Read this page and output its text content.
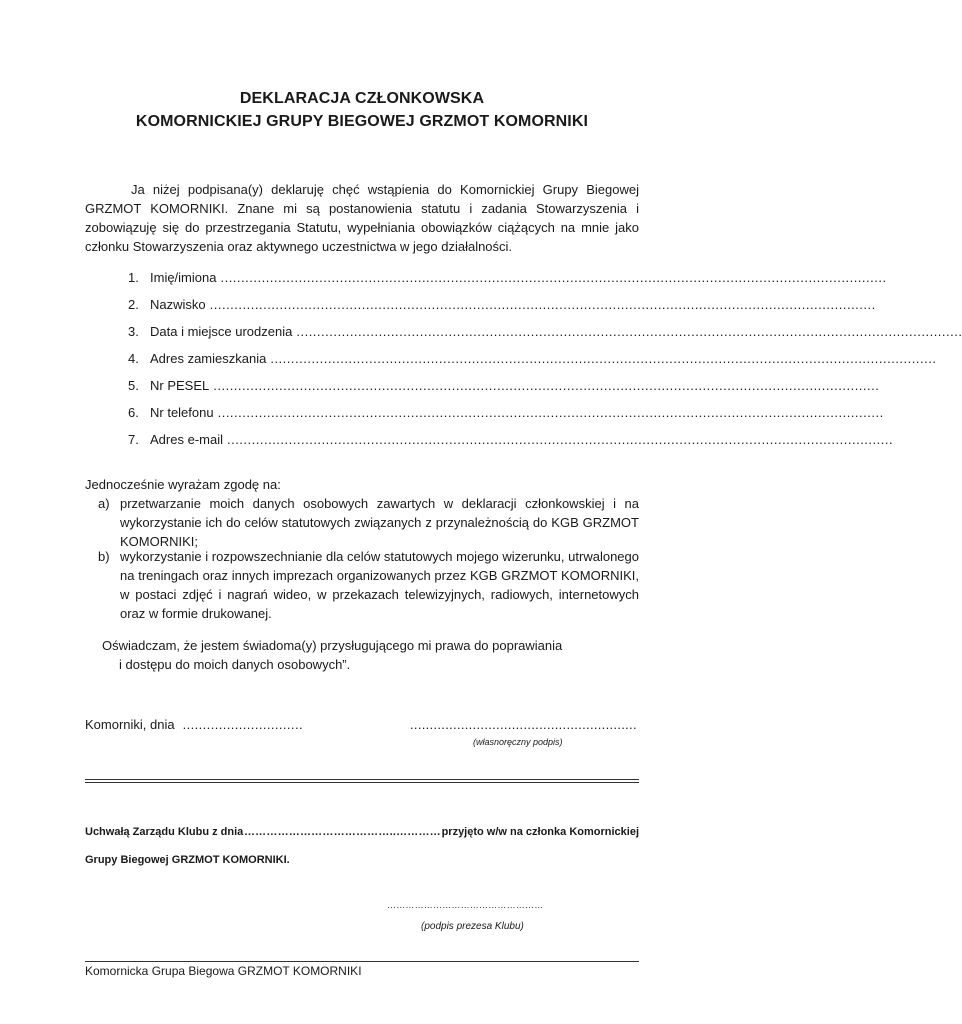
DEKLARACJA CZŁONKOWSKA
KOMORNICKIEJ GRUPY BIEGOWEJ GRZMOT KOMORNIKI
Ja niżej podpisana(y) deklaruję chęć wstąpienia do Komornickiej Grupy Biegowej GRZMOT KOMORNIKI. Znane mi są postanowienia statutu i zadania Stowarzyszenia i zobowiązuję się do przestrzegania Statutu, wypełniania obowiązków ciążących na mnie jako członku Stowarzyszenia oraz aktywnego uczestnictwa w jego działalności.
1. Imię/imiona ..................................................................................................................................................................
2. Nazwisko ..................................................................................................................................................................
3. Data i miejsce urodzenia ..................................................................................................................................................................
4. Adres zamieszkania ..................................................................................................................................................................
5. Nr PESEL ..................................................................................................................................................................
6. Nr telefonu ..................................................................................................................................................................
7. Adres e-mail ..................................................................................................................................................................
Jednocześnie wyrażam zgodę na:
a) przetwarzanie moich danych osobowych zawartych w deklaracji członkowskiej i na wykorzystanie ich do celów statutowych związanych z przynależnością do KGB GRZMOT KOMORNIKI;
b) wykorzystanie i rozpowszechnianie dla celów statutowych mojego wizerunku, utrwalonego na treningach oraz innych imprezach organizowanych przez KGB GRZMOT KOMORNIKI, w postaci zdjęć i nagrań wideo, w przekazach telewizyjnych, radiowych, internetowych oraz w formie drukowanej.
Oświadczam, że jestem świadoma(y) przysługującego mi prawa do poprawiania
i dostępu do moich danych osobowych”.
Komorniki, dnia ..............................	..........................................................
(własnoręczny podpis)
Uchwałą Zarządu Klubu z dnia …………………………………..………… przyjęto w/w na członka Komornickiej
Grupy Biegowej GRZMOT KOMORNIKI.
……………………………………………
(podpis prezesa Klubu)
Komornicka Grupa Biegowa GRZMOT KOMORNIKI
